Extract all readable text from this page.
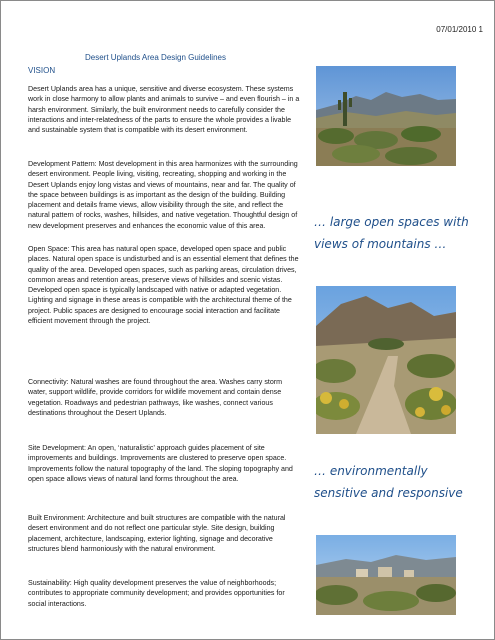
07/01/2010 1
Desert Uplands Area Design Guidelines
VISION

Desert Uplands area has a unique, sensitive and diverse ecosystem. These systems work in close harmony to allow plants and animals to survive – and even flourish – in a harsh environment. Similarly, the built environment needs to carefully consider the interactions and inter-relatedness of the parts to ensure the whole provides a livable and sustainable system that is compatible with its desert environment.

Development Pattern: Most development in this area harmonizes with the surrounding desert environment. People living, visiting, recreating, shopping and working in the Desert Uplands enjoy long vistas and views of mountains, near and far. The quality of the space between buildings is as important as the design of the building. Building placement and details frame views, allow visibility through the site, and reflect the natural pattern of rocks, washes, hillsides, and native vegetation. Thoughtful design of new development preserves and enhances the economic value of this area.

Open Space: This area has natural open space, developed open space and public places. Natural open space is undisturbed and is an essential element that defines the quality of the area. Developed open spaces, such as parking areas, circulation drives, common areas and retention areas, preserve views of hillsides and scenic vistas. Developed open space is typically landscaped with native or adapted vegetation. Lighting and signage in these areas is compatible with the architectural theme of the project. Public spaces are designed to encourage social interaction and facilitate efficient movement through the project.

Connectivity: Natural washes are found throughout the area. Washes carry storm water, support wildlife, provide corridors for wildlife movement and contain dense vegetation. Roadways and pedestrian pathways, like washes, connect various destinations throughout the Desert Uplands.

Site Development: An open, ‘naturalistic’ approach guides placement of site improvements and buildings. Improvements are clustered to preserve open space. Improvements follow the natural topography of the land. The sloping topography and open space allows views of natural land forms throughout the area.

Built Environment: Architecture and built structures are compatible with the natural desert environment and do not reflect one particular style. Site design, building placement, architecture, landscaping, exterior lighting, signage and decorative structures blend harmoniously with the natural environment.

Sustainability: High quality development preserves the value of neighborhoods; contributes to appropriate community development; and provides opportunities for social interactions.

… large open spaces with views of mountains …
… environmentally sensitive and responsive
